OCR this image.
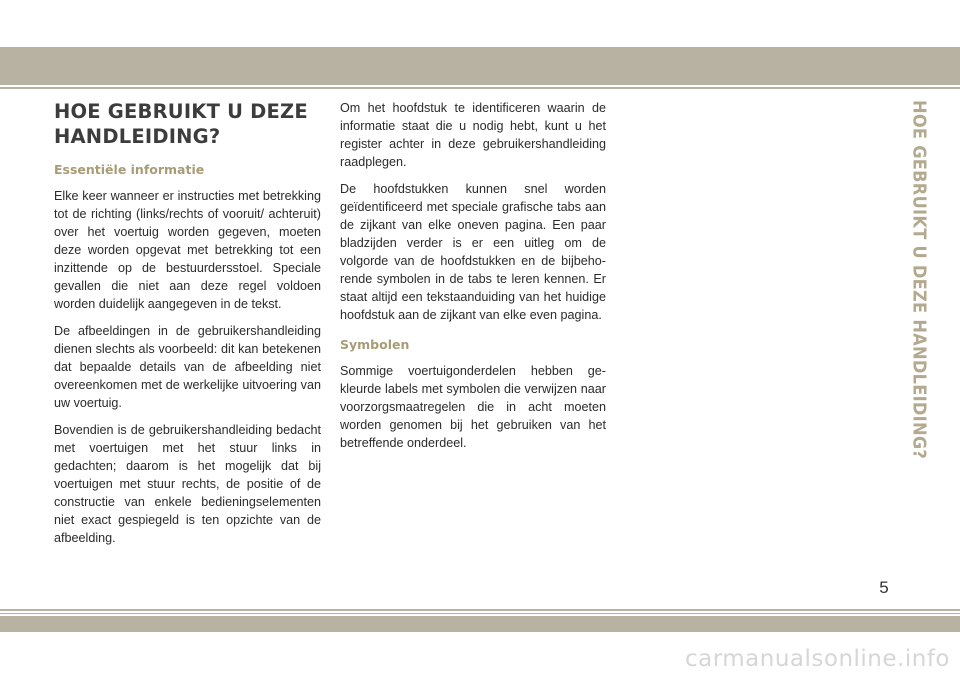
HOE GEBRUIKT U DEZE HANDLEIDING?
Essentiële informatie

Elke keer wanneer er instructies met betrekking tot de richting (links/rechts of vooruit/ achteruit) over het voertuig worden gegeven, moeten deze worden opgevat met betrekking tot een inzittende op de bestuurdersstoel. Speciale gevallen die niet aan deze regel voldoen worden duidelijk aangegeven in de tekst.

De afbeeldingen in de gebruikershandleiding dienen slechts als voorbeeld: dit kan betekenen dat bepaalde details van de afbeelding niet overeenkomen met de werkelijke uitvoering van uw voertuig.

Bovendien is de gebruikershandleiding bedacht met voertuigen met het stuur links in gedachten; daarom is het mogelijk dat bij voertuigen met stuur rechts, de positie of de constructie van enkele bedieningselementen niet exact gespiegeld is ten opzichte van de afbeelding.

Om het hoofdstuk te identificeren waarin de informatie staat die u nodig hebt, kunt u het register achter in deze gebruikershandleiding raadplegen.

De hoofdstukken kunnen snel worden geïdentificeerd met speciale grafische tabs aan de zijkant van elke oneven pagina. Een paar bladzijden verder is er een uitleg om de volgorde van de hoofdstukken en de bijbehorende symbolen in de tabs te leren kennen. Er staat altijd een tekstaanduiding van het huidige hoofdstuk aan de zijkant van elke even pagina.

Symbolen

Sommige voertuigonderdelen hebben gekleurde labels met symbolen die verwijzen naar voorzorgsmaatregelen die in acht moeten worden genomen bij het gebruiken van het betreffende onderdeel.	HOE GEBRUIKT U DEZE HANDLEIDING?
5
carmanualsonline.info
